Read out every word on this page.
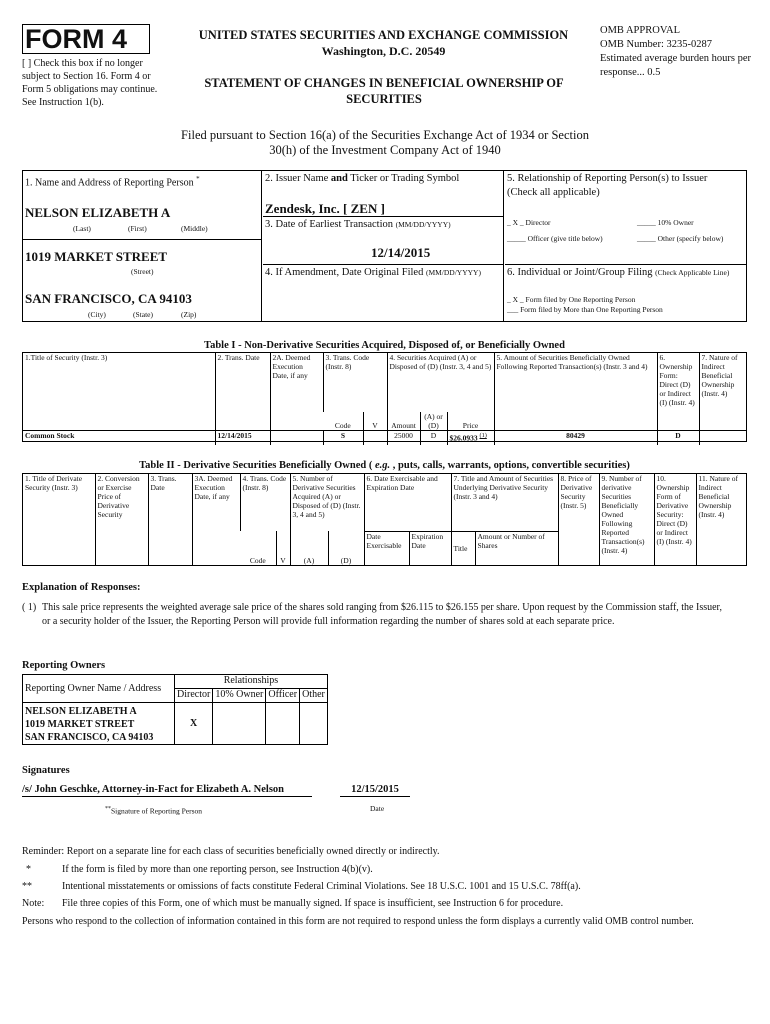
FORM 4
[ ] Check this box if no longer subject to Section 16. Form 4 or Form 5 obligations may continue. See Instruction 1(b).
UNITED STATES SECURITIES AND EXCHANGE COMMISSION
Washington, D.C. 20549
STATEMENT OF CHANGES IN BENEFICIAL OWNERSHIP OF SECURITIES
OMB APPROVAL
OMB Number: 3235-0287
Estimated average burden hours per response... 0.5
Filed pursuant to Section 16(a) of the Securities Exchange Act of 1934 or Section 30(h) of the Investment Company Act of 1940
1. Name and Address of Reporting Person *
NELSON ELIZABETH A
(Last)	(First)	(Middle)
1019 MARKET STREET
(Street)
SAN FRANCISCO, CA 94103
(City)	(State)	(Zip)
2. Issuer Name and Ticker or Trading Symbol
Zendesk, Inc. [ ZEN ]
3. Date of Earliest Transaction (MM/DD/YYYY)
12/14/2015
4. If Amendment, Date Original Filed (MM/DD/YYYY)
5. Relationship of Reporting Person(s) to Issuer
(Check all applicable)
_ X _ Director	_____ 10% Owner
_____ Officer (give title below)	_____ Other (specify below)
6. Individual or Joint/Group Filing (Check Applicable Line)
_ X _ Form filed by One Reporting Person
___ Form filed by More than One Reporting Person
Table I - Non-Derivative Securities Acquired, Disposed of, or Beneficially Owned
1.Title of Security (Instr. 3)	2. Trans. Date	2A. Deemed Execution Date, if any	3. Trans. Code (Instr. 8)		4. Securities Acquired (A) or Disposed of (D) (Instr. 3, 4 and 5)			5. Amount of Securities Beneficially Owned Following Reported Transaction(s) (Instr. 3 and 4)	6. Ownership Form: Direct (D) or Indirect (I) (Instr. 4)	7. Nature of Indirect Beneficial Ownership (Instr. 4)
			Code	V	Amount	(A) or (D)	Price			
Common Stock	12/14/2015		S		25000	D	$26.0933 $^{(1)}$	80429	D	
Table II - Derivative Securities Beneficially Owned ( e.g. , puts, calls, warrants, options, convertible securities)
1. Title of Derivate Security (Instr. 3)	2. Conversion or Exercise Price of Derivative Security	3. Trans. Date	3A. Deemed Execution Date, if any	4. Trans. Code (Instr. 8)		5. Number of Derivative Securities Acquired (A) or Disposed of (D) (Instr. 3, 4 and 5)		6. Date Exercisable and Expiration Date		7. Title and Amount of Securities Underlying Derivative Security (Instr. 3 and 4)		8. Price of Derivative Security (Instr. 5)	9. Number of derivative Securities Beneficially Owned Following Reported Transaction(s) (Instr. 4)	10. Ownership Form of Derivative Security: Direct (D) or Indirect (I) (Instr. 4)	11. Nature of Indirect Beneficial Ownership (Instr. 4)
				Code	V	(A)	(D)	Date Exercisable	Expiration Date	Title	Amount or Number of Shares				
Explanation of Responses:
( 1) This sale price represents the weighted average sale price of the shares sold ranging from $26.115 to $26.155 per share. Upon request by the Commission staff, the Issuer, or a security holder of the Issuer, the Reporting Person will provide full information regarding the number of shares sold at each separate price.
Reporting Owners
Reporting Owner Name / Address	Relationships			
	Director	10% Owner	Officer	Other

NELSON ELIZABETH A
1019 MARKET STREET
SAN FRANCISCO, CA 94103	X			
Signatures
/s/ John Geschke, Attorney-in-Fact for Elizabeth A. Nelson	12/15/2015
**Signature of Reporting Person	Date
Reminder: Report on a separate line for each class of securities beneficially owned directly or indirectly.
*	If the form is filed by more than one reporting person, see Instruction 4(b)(v).
**	Intentional misstatements or omissions of facts constitute Federal Criminal Violations. See 18 U.S.C. 1001 and 15 U.S.C. 78ff(a).
Note: File three copies of this Form, one of which must be manually signed. If space is insufficient, see Instruction 6 for procedure.
Persons who respond to the collection of information contained in this form are not required to respond unless the form displays a currently valid OMB control number.
